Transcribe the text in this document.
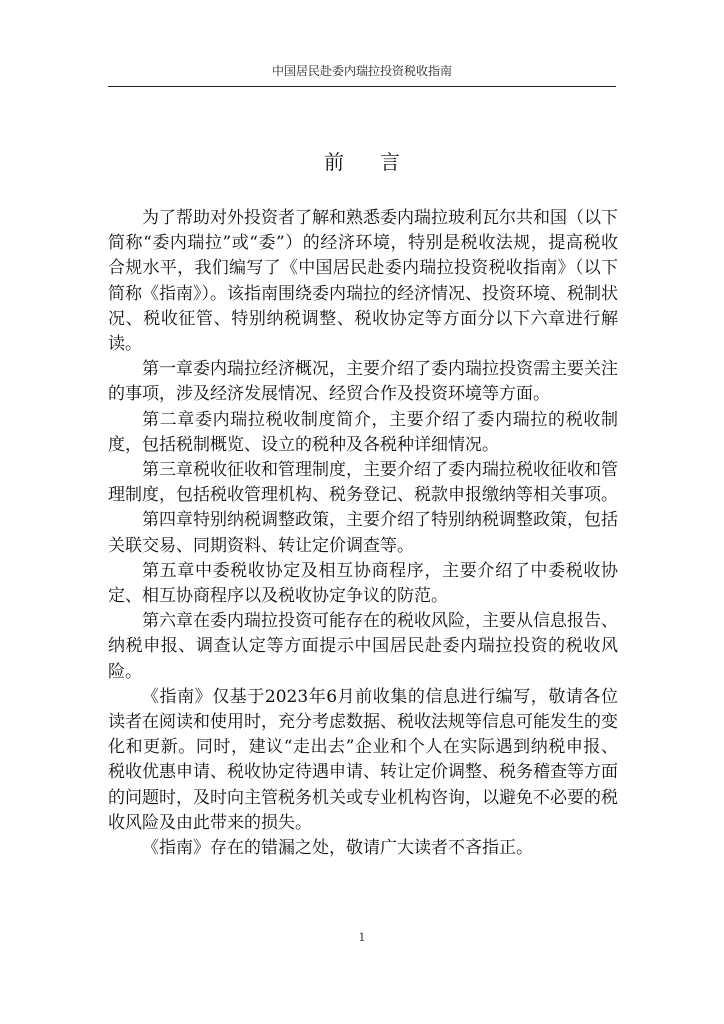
中国居民赴委内瑞拉投资税收指南
前言

为了帮助对外投资者了解和熟悉委内瑞拉玻利瓦尔共和国（以下简称“委内瑞拉”或“委”）的经济环境，特别是税收法规，提高税收合规水平，我们编写了《中国居民赴委内瑞拉投资税收指南》（以下简称《指南》）。该指南围绕委内瑞拉的经济情况、投资环境、税制状况、税收征管、特别纳税调整、税收协定等方面分以下六章进行解读。

第一章委内瑞拉经济概况，主要介绍了委内瑞拉投资需主要关注的事项，涉及经济发展情况、经贸合作及投资环境等方面。

第二章委内瑞拉税收制度简介，主要介绍了委内瑞拉的税收制度，包括税制概览、设立的税种及各税种详细情况。

第三章税收征收和管理制度，主要介绍了委内瑞拉税收征收和管理制度，包括税收管理机构、税务登记、税款申报缴纳等相关事项。

第四章特别纳税调整政策，主要介绍了特别纳税调整政策，包括关联交易、同期资料、转让定价调查等。

第五章中委税收协定及相互协商程序，主要介绍了中委税收协定、相互协商程序以及税收协定争议的防范。

第六章在委内瑞拉投资可能存在的税收风险，主要从信息报告、纳税申报、调查认定等方面提示中国居民赴委内瑞拉投资的税收风险。

《指南》仅基于2023年6月前收集的信息进行编写，敬请各位读者在阅读和使用时，充分考虑数据、税收法规等信息可能发生的变化和更新。同时，建议“走出去”企业和个人在实际遇到纳税申报、税收优惠申请、税收协定待遇申请、转让定价调整、税务稽查等方面的问题时，及时向主管税务机关或专业机构咨询，以避免不必要的税收风险及由此带来的损失。

《指南》存在的错漏之处，敬请广大读者不吝指正。

1
